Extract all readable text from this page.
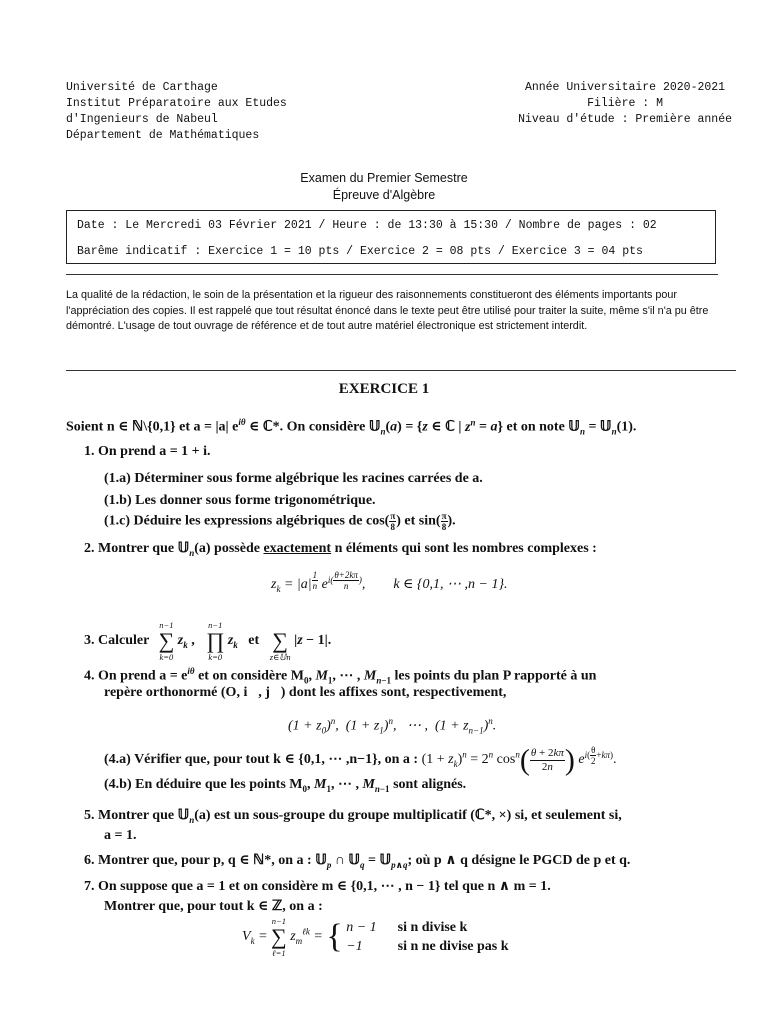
Université de Carthage
Institut Préparatoire aux Etudes
d'Ingenieurs de Nabeul
Département de Mathématiques
Année Universitaire 2020-2021
Filière : M
Niveau d'étude : Première année
Examen du Premier Semestre
Épreuve d'Algèbre
Date : Le Mercredi 03 Février 2021 / Heure : de 13:30 à 15:30 / Nombre de pages : 02
Barême indicatif : Exercice 1 = 10 pts / Exercice 2 = 08 pts / Exercice 3 = 04 pts
La qualité de la rédaction, le soin de la présentation et la rigueur des raisonnements constitueront des éléments importants pour l'appréciation des copies. Il est rappelé que tout résultat énoncé dans le texte peut être utilisé pour traiter la suite, même s'il n'a pu être démontré. L'usage de tout ouvrage de référence et de tout autre matériel électronique est strictement interdit.
EXERCICE 1
Soient n ∈ ℕ\{0,1} et a = |a| $e^{i\theta}$ ∈ ℂ*. On considère 𝕌$_n$(a) = {z ∈ ℂ | $z^n = a$} et on note 𝕌$_n$ = 𝕌$_n$(1).
1. On prend a = 1 + i.
(1.a) Déterminer sous forme algébrique les racines carrées de a.
(1.b) Les donner sous forme trigonométrique.
(1.c) Déduire les expressions algébriques de $\cos( \frac{\pi}{8}$ ) et $\sin( \frac{\pi}{8}$ ).
2. Montrer que 𝕌$_n$(a) possède exactement n éléments qui sont les nombres complexes :
$z_k = |a|$ $^{\frac{1}{n}}$ $e^{i( \frac{\theta+2k\pi}{n} )}$,        k ∈ {0,1, ⋯ ,n − 1}.
3. Calculer
n−1
∑
k=0
$z_k$ ,
n−1
∏
k=0
$z_k$   et
∑
z∈𝕌n
|z − 1|.
4. On prend $a = e^{i\theta}$ et on considère $M_0$, $M_1$, ⋯ , $M_{n-1}$ les points du plan P rapporté à un
repère orthonormé (O, i⃗, j⃗) dont les affixes sont, respectivement,
$(1 + z_0)^n$,  $(1 + z_1)^n$,   ⋯ ,  $(1 + z_{n-1})^n$.
(4.a) Vérifier que, pour tout k ∈ {0,1, ⋯ ,n−1}, on a : $(1 + z_k)^n = 2^n$ $\cos^n( \frac{\theta + 2k\pi}{2n}$ ) $e^{i( \frac{\theta}{2} +k\pi)}$.
(4.b) En déduire que les points $M_0$, $M_1$, ⋯ , $M_{n-1}$ sont alignés.
5. Montrer que 𝕌$_n$(a) est un sous-groupe du groupe multiplicatif (ℂ*, ×) si, et seulement si,
a = 1.
6. Montrer que, pour p, q ∈ ℕ*, on a : 𝕌$_p$ ∩ 𝕌$_q$ = 𝕌$_{p\wedge q}$; où p ∧ q désigne le PGCD de p et q.
7. On suppose que a = 1 et on considère m ∈ {0,1, ⋯ , n − 1} tel que n ∧ m = 1.
Montrer que, pour tout k ∈ ℤ, on a :
$V_k$ =
n−1
∑
ℓ=1
$z_m^{\ell k}$ = { n − 1 si n divise k
−1	si n ne divise pas k
